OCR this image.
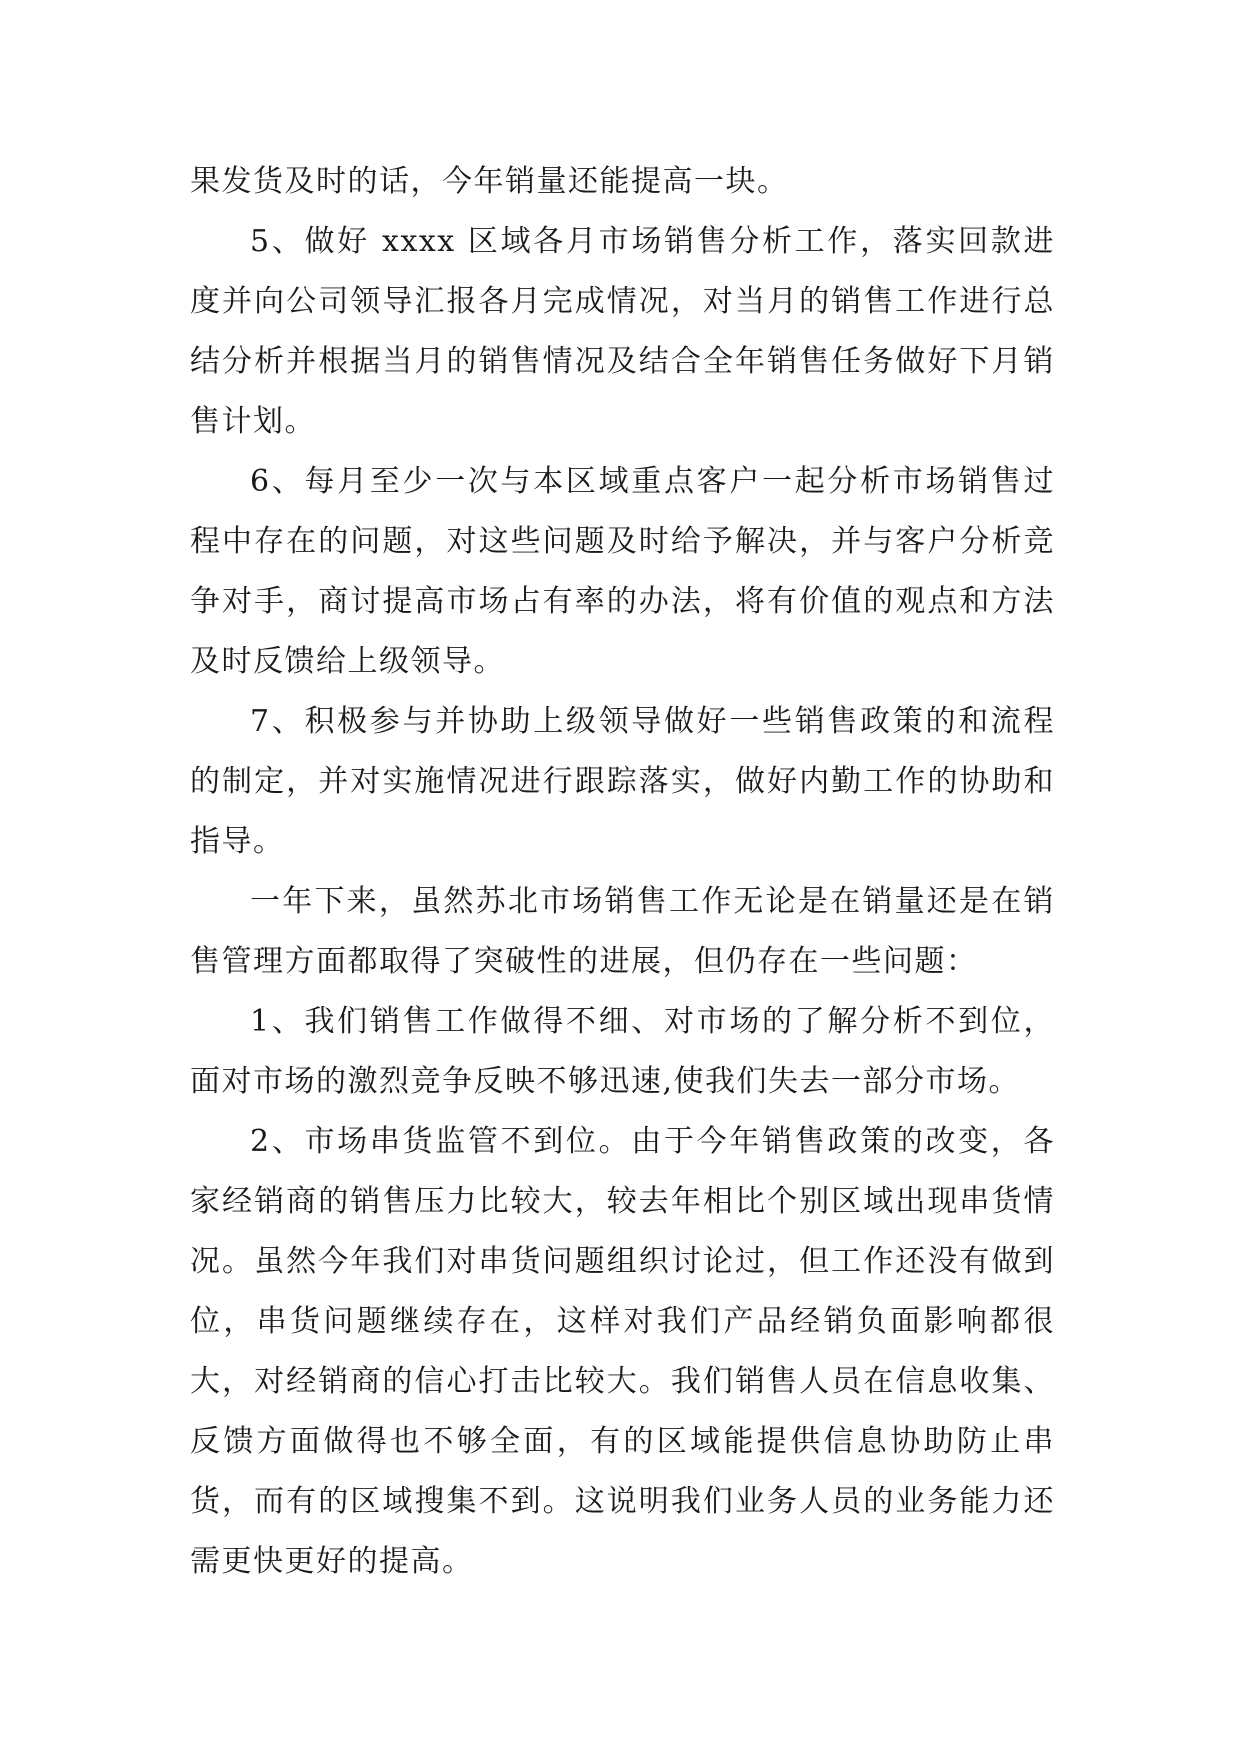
果发货及时的话，今年销量还能提高一块。

5、做好 xxxx 区域各月市场销售分析工作，落实回款进度并向公司领导汇报各月完成情况，对当月的销售工作进行总结分析并根据当月的销售情况及结合全年销售任务做好下月销售计划。

6、每月至少一次与本区域重点客户一起分析市场销售过程中存在的问题，对这些问题及时给予解决，并与客户分析竞争对手，商讨提高市场占有率的办法，将有价值的观点和方法及时反馈给上级领导。

7、积极参与并协助上级领导做好一些销售政策的和流程的制定，并对实施情况进行跟踪落实，做好内勤工作的协助和指导。

一年下来，虽然苏北市场销售工作无论是在销量还是在销售管理方面都取得了突破性的进展，但仍存在一些问题：

1、我们销售工作做得不细、对市场的了解分析不到位，面对市场的激烈竞争反映不够迅速,使我们失去一部分市场。

2、市场串货监管不到位。由于今年销售政策的改变，各家经销商的销售压力比较大，较去年相比个别区域出现串货情况。虽然今年我们对串货问题组织讨论过，但工作还没有做到位，串货问题继续存在，这样对我们产品经销负面影响都很大，对经销商的信心打击比较大。我们销售人员在信息收集、反馈方面做得也不够全面，有的区域能提供信息协助防止串货，而有的区域搜集不到。这说明我们业务人员的业务能力还需更快更好的提高。
